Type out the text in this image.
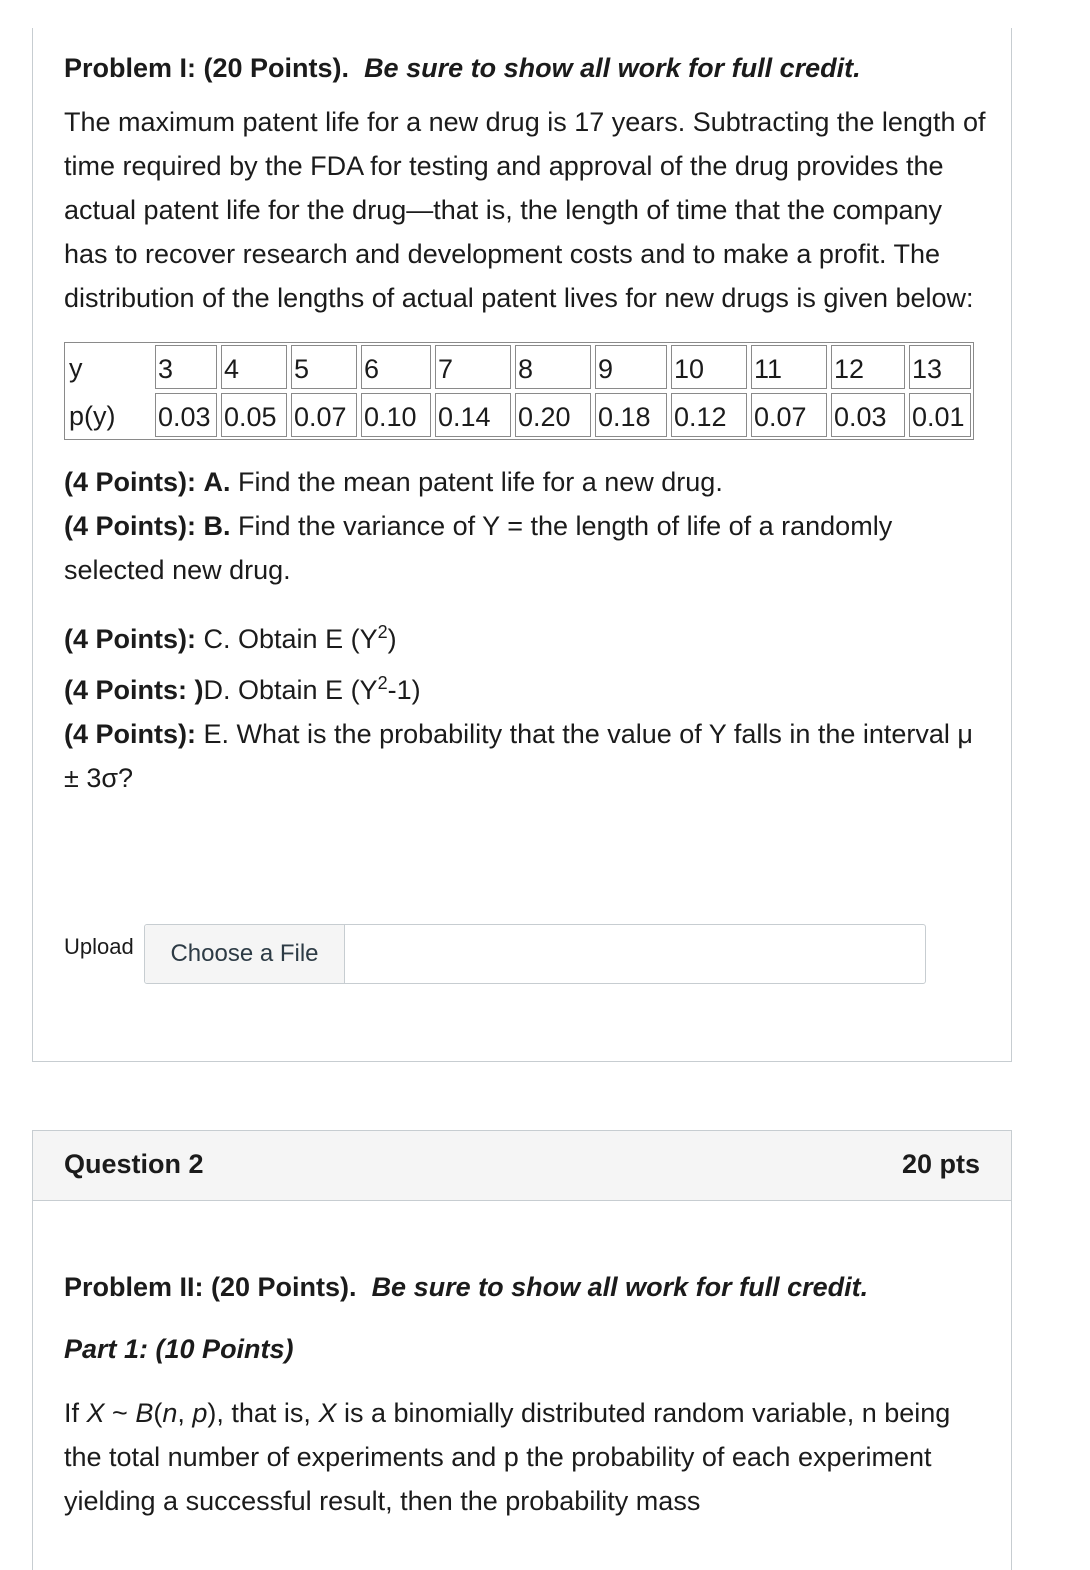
Problem I: (20 Points). Be sure to show all work for full credit.

The maximum patent life for a new drug is 17 years. Subtracting the length of time required by the FDA for testing and approval of the drug provides the actual patent life for the drug—that is, the length of time that the company has to recover research and development costs and to make a profit. The distribution of the lengths of actual patent lives for new drugs is given below:

y	3	4	5	6	7	8	9	10	11	12	13

p(y)	0.03	0.05	0.07	0.10	0.14	0.20	0.18	0.12	0.07	0.03	0.01

(4 Points): A. Find the mean patent life for a new drug.

(4 Points): B. Find the variance of Y = the length of life of a randomly selected new drug.

(4 Points): C. Obtain E $(Y^2)$

(4 Points: )D. Obtain E $(Y^2-1)$

(4 Points): E. What is the probability that the value of Y falls in the interval μ ± 3σ?

Upload	Choose a File
Question 2	20 pts

Problem II: (20 Points). Be sure to show all work for full credit.

Part 1: (10 Points)

If X ~ B(n, p), that is, X is a binomially distributed random variable, n being the total number of experiments and p the probability of each experiment yielding a successful result, then the probability mass
